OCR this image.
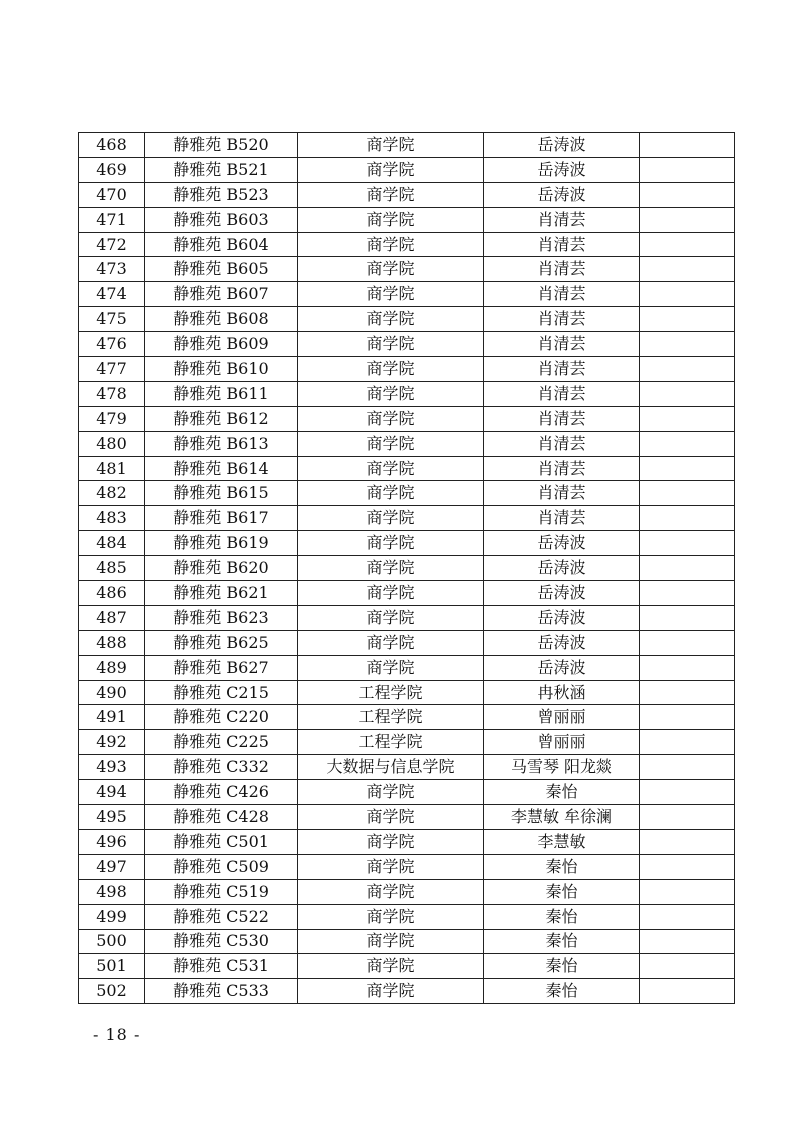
468	静雅苑 B520	商学院	岳涛波	
469	静雅苑 B521	商学院	岳涛波	
470	静雅苑 B523	商学院	岳涛波	
471	静雅苑 B603	商学院	肖清芸	
472	静雅苑 B604	商学院	肖清芸	
473	静雅苑 B605	商学院	肖清芸	
474	静雅苑 B607	商学院	肖清芸	
475	静雅苑 B608	商学院	肖清芸	
476	静雅苑 B609	商学院	肖清芸	
477	静雅苑 B610	商学院	肖清芸	
478	静雅苑 B611	商学院	肖清芸	
479	静雅苑 B612	商学院	肖清芸	
480	静雅苑 B613	商学院	肖清芸	
481	静雅苑 B614	商学院	肖清芸	
482	静雅苑 B615	商学院	肖清芸	
483	静雅苑 B617	商学院	肖清芸	
484	静雅苑 B619	商学院	岳涛波	
485	静雅苑 B620	商学院	岳涛波	
486	静雅苑 B621	商学院	岳涛波	
487	静雅苑 B623	商学院	岳涛波	
488	静雅苑 B625	商学院	岳涛波	
489	静雅苑 B627	商学院	岳涛波	
490	静雅苑 C215	工程学院	冉秋涵	
491	静雅苑 C220	工程学院	曾丽丽	
492	静雅苑 C225	工程学院	曾丽丽	
493	静雅苑 C332	大数据与信息学院	马雪琴 阳龙燚	
494	静雅苑 C426	商学院	秦怡	
495	静雅苑 C428	商学院	李慧敏 牟徐澜	
496	静雅苑 C501	商学院	李慧敏	
497	静雅苑 C509	商学院	秦怡	
498	静雅苑 C519	商学院	秦怡	
499	静雅苑 C522	商学院	秦怡	
500	静雅苑 C530	商学院	秦怡	
501	静雅苑 C531	商学院	秦怡	
502	静雅苑 C533	商学院	秦怡	
- 18 -
